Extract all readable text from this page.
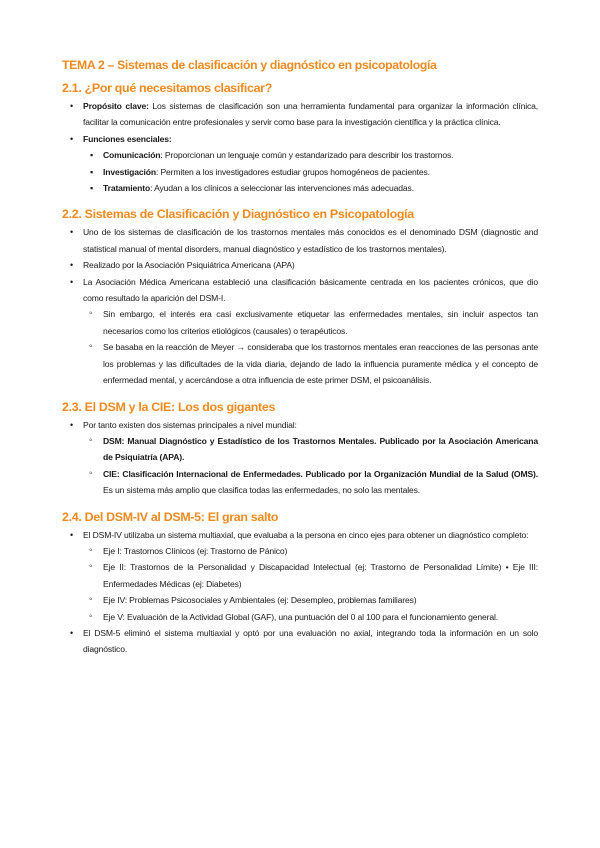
TEMA 2 – Sistemas de clasificación y diagnóstico en psicopatología
2.1. ¿Por qué necesitamos clasificar?
• Propósito clave: Los sistemas de clasificación son una herramienta fundamental para organizar la información clínica, facilitar la comunicación entre profesionales y servir como base para la investigación científica y la práctica clínica.
• Funciones esenciales:
▪ Comunicación: Proporcionan un lenguaje común y estandarizado para describir los trastornos.
▪ Investigación: Permiten a los investigadores estudiar grupos homogéneos de pacientes.
▪ Tratamiento: Ayudan a los clínicos a seleccionar las intervenciones más adecuadas.
2.2. Sistemas de Clasificación y Diagnóstico en Psicopatología
• Uno de los sistemas de clasificación de los trastornos mentales más conocidos es el denominado DSM (diagnostic and statistical manual of mental disorders, manual diagnóstico y estadístico de los trastornos mentales).
• Realizado por la Asociación Psiquiátrica Americana (APA)
• La Asociación Médica Americana estableció una clasificación básicamente centrada en los pacientes crónicos, que dio como resultado la aparición del DSM-I.
◦ Sin embargo, el interés era casi exclusivamente etiquetar las enfermedades mentales, sin incluir aspectos tan necesarios como los criterios etiológicos (causales) o terapéuticos.
◦ Se basaba en la reacción de Meyer → consideraba que los trastornos mentales eran reacciones de las personas ante los problemas y las dificultades de la vida diaria, dejando de lado la influencia puramente médica y el concepto de enfermedad mental, y acercándose a otra influencia de este primer DSM, el psicoanálisis.
2.3. El DSM y la CIE: Los dos gigantes
• Por tanto existen dos sistemas principales a nivel mundial:
◦ DSM: Manual Diagnóstico y Estadístico de los Trastornos Mentales. Publicado por la Asociación Americana de Psiquiatría (APA).
◦ CIE: Clasificación Internacional de Enfermedades. Publicado por la Organización Mundial de la Salud (OMS). Es un sistema más amplio que clasifica todas las enfermedades, no solo las mentales.
2.4. Del DSM-IV al DSM-5: El gran salto
• El DSM-IV utilizaba un sistema multiaxial, que evaluaba a la persona en cinco ejes para obtener un diagnóstico completo:
◦ Eje I: Trastornos Clínicos (ej: Trastorno de Pánico)
◦ Eje II: Trastornos de la Personalidad y Discapacidad Intelectual (ej: Trastorno de Personalidad Límite) • Eje III: Enfermedades Médicas (ej: Diabetes)
◦ Eje IV: Problemas Psicosociales y Ambientales (ej: Desempleo, problemas familiares)
◦ Eje V: Evaluación de la Actividad Global (GAF), una puntuación del 0 al 100 para el funcionamiento general.
• El DSM-5 eliminó el sistema multiaxial y optó por una evaluación no axial, integrando toda la información en un solo diagnóstico.
